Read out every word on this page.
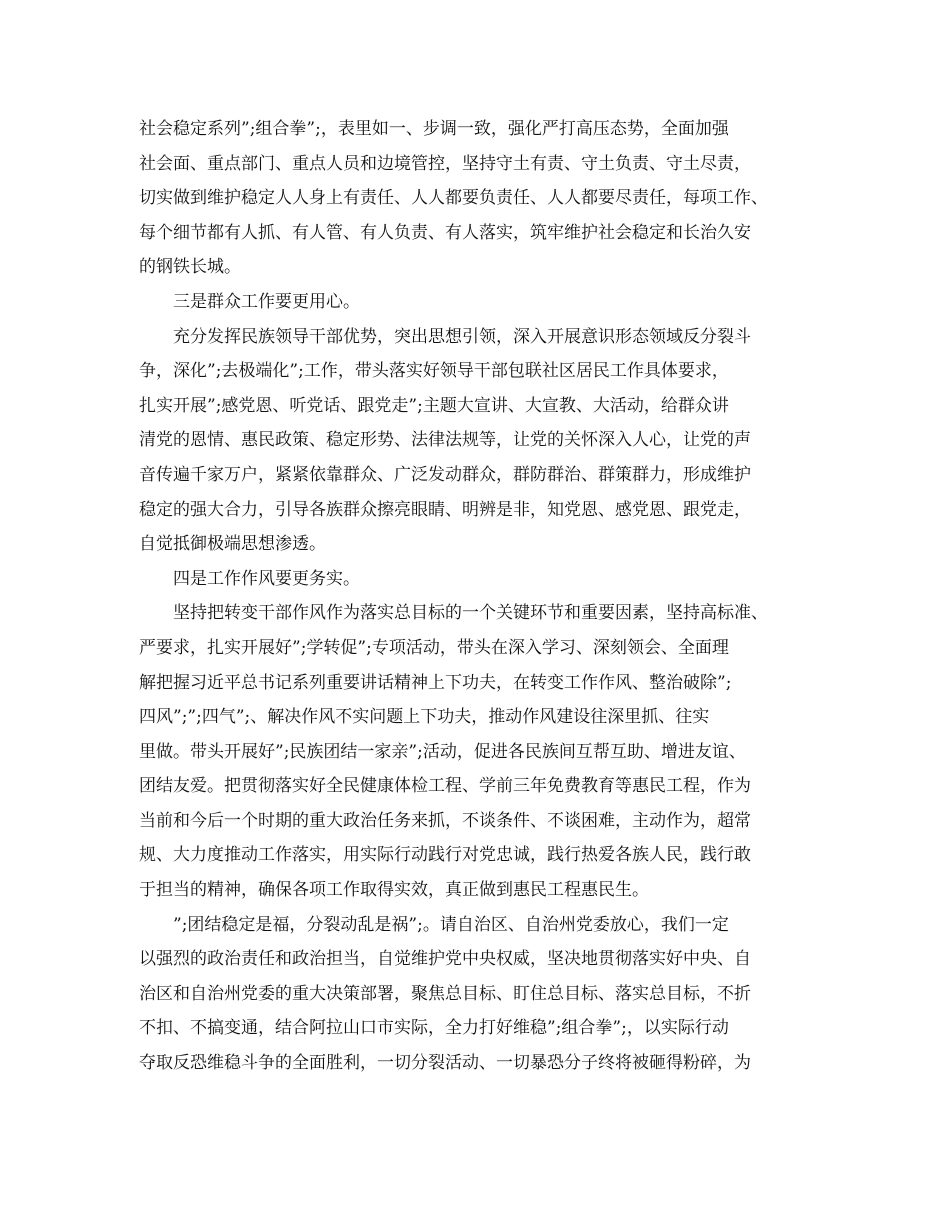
社会稳定系列”;组合拳”;，表里如一、步调一致，强化严打高压态势，全面加强
社会面、重点部门、重点人员和边境管控，坚持守土有责、守土负责、守土尽责，
切实做到维护稳定人人身上有责任、人人都要负责任、人人都要尽责任，每项工作、
每个细节都有人抓、有人管、有人负责、有人落实，筑牢维护社会稳定和长治久安
的钢铁长城。
三是群众工作要更用心。
充分发挥民族领导干部优势，突出思想引领，深入开展意识形态领域反分裂斗
争，深化”;去极端化”;工作，带头落实好领导干部包联社区居民工作具体要求，
扎实开展”;感党恩、听党话、跟党走”;主题大宣讲、大宣教、大活动，给群众讲
清党的恩情、惠民政策、稳定形势、法律法规等，让党的关怀深入人心，让党的声
音传遍千家万户，紧紧依靠群众、广泛发动群众，群防群治、群策群力，形成维护
稳定的强大合力，引导各族群众擦亮眼睛、明辨是非，知党恩、感党恩、跟党走，
自觉抵御极端思想渗透。
四是工作作风要更务实。
坚持把转变干部作风作为落实总目标的一个关键环节和重要因素，坚持高标准、
严要求，扎实开展好”;学转促”;专项活动，带头在深入学习、深刻领会、全面理
解把握习近平总书记系列重要讲话精神上下功夫，在转变工作作风、整治破除”;
四风”;”;四气”;、解决作风不实问题上下功夫，推动作风建设往深里抓、往实
里做。带头开展好”;民族团结一家亲”;活动，促进各民族间互帮互助、增进友谊、
团结友爱。把贯彻落实好全民健康体检工程、学前三年免费教育等惠民工程，作为
当前和今后一个时期的重大政治任务来抓，不谈条件、不谈困难，主动作为，超常
规、大力度推动工作落实，用实际行动践行对党忠诚，践行热爱各族人民，践行敢
于担当的精神，确保各项工作取得实效，真正做到惠民工程惠民生。
”;团结稳定是福，分裂动乱是祸”;。请自治区、自治州党委放心，我们一定
以强烈的政治责任和政治担当，自觉维护党中央权威，坚决地贯彻落实好中央、自
治区和自治州党委的重大决策部署，聚焦总目标、盯住总目标、落实总目标，不折
不扣、不搞变通，结合阿拉山口市实际，全力打好维稳”;组合拳”;，以实际行动
夺取反恐维稳斗争的全面胜利，一切分裂活动、一切暴恐分子终将被砸得粉碎，为
